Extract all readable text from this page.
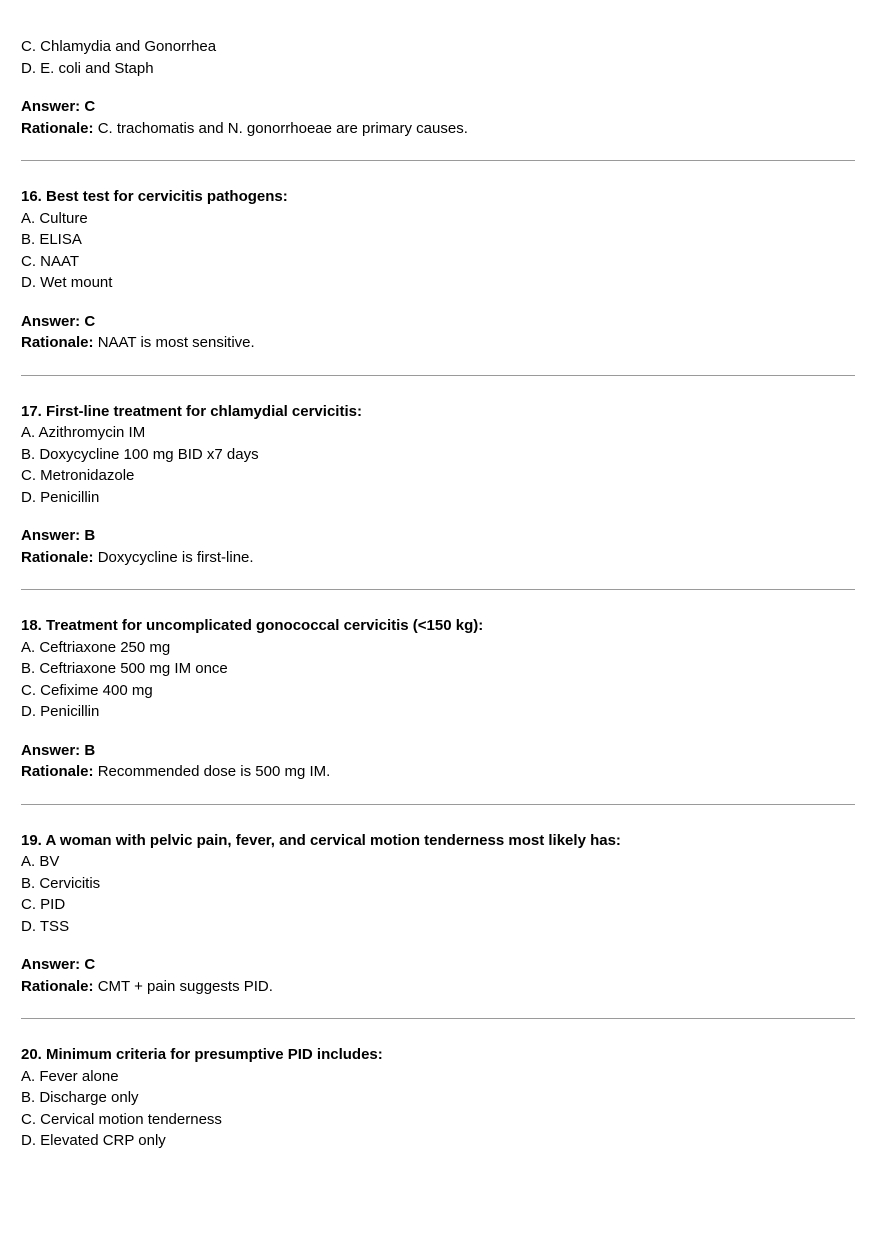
C. Chlamydia and Gonorrhea
D. E. coli and Staph
Answer: C
Rationale: C. trachomatis and N. gonorrhoeae are primary causes.
16. Best test for cervicitis pathogens:
A. Culture
B. ELISA
C. NAAT
D. Wet mount
Answer: C
Rationale: NAAT is most sensitive.
17. First-line treatment for chlamydial cervicitis:
A. Azithromycin IM
B. Doxycycline 100 mg BID x7 days
C. Metronidazole
D. Penicillin
Answer: B
Rationale: Doxycycline is first-line.
18. Treatment for uncomplicated gonococcal cervicitis (<150 kg):
A. Ceftriaxone 250 mg
B. Ceftriaxone 500 mg IM once
C. Cefixime 400 mg
D. Penicillin
Answer: B
Rationale: Recommended dose is 500 mg IM.
19. A woman with pelvic pain, fever, and cervical motion tenderness most likely has:
A. BV
B. Cervicitis
C. PID
D. TSS
Answer: C
Rationale: CMT + pain suggests PID.
20. Minimum criteria for presumptive PID includes:
A. Fever alone
B. Discharge only
C. Cervical motion tenderness
D. Elevated CRP only
